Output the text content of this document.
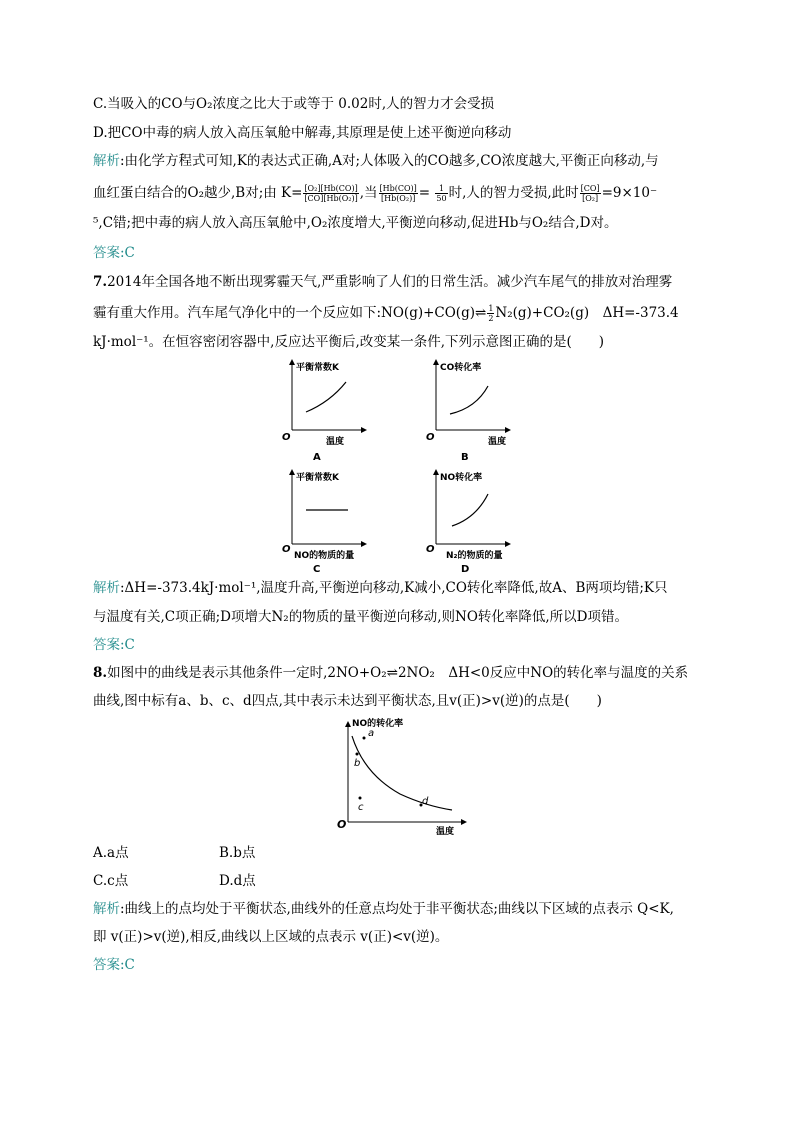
C.当吸入的CO与O₂浓度之比大于或等于 0.02时,人的智力才会受损
D.把CO中毒的病人放入高压氧舱中解毒,其原理是使上述平衡逆向移动
解析:由化学方程式可知,K的表达式正确,A对;人体吸入的CO越多,CO浓度越大,平衡正向移动,与
血红蛋白结合的O₂越少,B对;由 $K= \frac{\text{[O₂][Hb(CO)]}}{\text{[CO][Hb(O₂)]}}$ ,当 $\frac{[Hb(CO)]}{\text{[Hb(O₂)]}} = \frac{1}{50}$ 时,人的智力受损,此时 $\frac{[CO]}{\text{[O₂]}} =9\times 10^-$
⁵,C错;把中毒的病人放入高压氧舱中,O₂浓度增大,平衡逆向移动,促进Hb与O₂结合,D对。
答案:C
7.2014年全国各地不断出现雾霾天气,严重影响了人们的日常生活。减少汽车尾气的排放对治理雾
霾有重大作用。汽车尾气净化中的一个反应如下:NO(g)+CO(g)⇌ $\frac{1}{2} N_2(g)+CO_2(g)$　ΔH=-373.4
kJ·mol⁻¹。在恒容密闭容器中,反应达平衡后,改变某一条件,下列示意图正确的是(　　)
平衡常数K
温度
O
A
CO转化率
温度
O
B
平衡常数K
NO的物质的量
O
C
NO转化率
N₂的物质的量
O
D
解析:ΔH=-373.4kJ·mol⁻¹,温度升高,平衡逆向移动,K减小,CO转化率降低,故A、B两项均错;K只
与温度有关,C项正确;D项增大N₂的物质的量平衡逆向移动,则NO转化率降低,所以D项错。
答案:C
8.如图中的曲线是表示其他条件一定时,2NO+O₂⇌2NO₂　ΔH<0反应中NO的转化率与温度的关系
曲线,图中标有a、b、c、d四点,其中表示未达到平衡状态,且v(正)>v(逆)的点是(　　)
NO的转化率
温度
O
a
b
c
d
A.a点	B.b点
C.c点	D.d点
解析:曲线上的点均处于平衡状态,曲线外的任意点均处于非平衡状态;曲线以下区域的点表示 Q<K,
即 v(正)>v(逆),相反,曲线以上区域的点表示 v(正)<v(逆)。
答案:C
